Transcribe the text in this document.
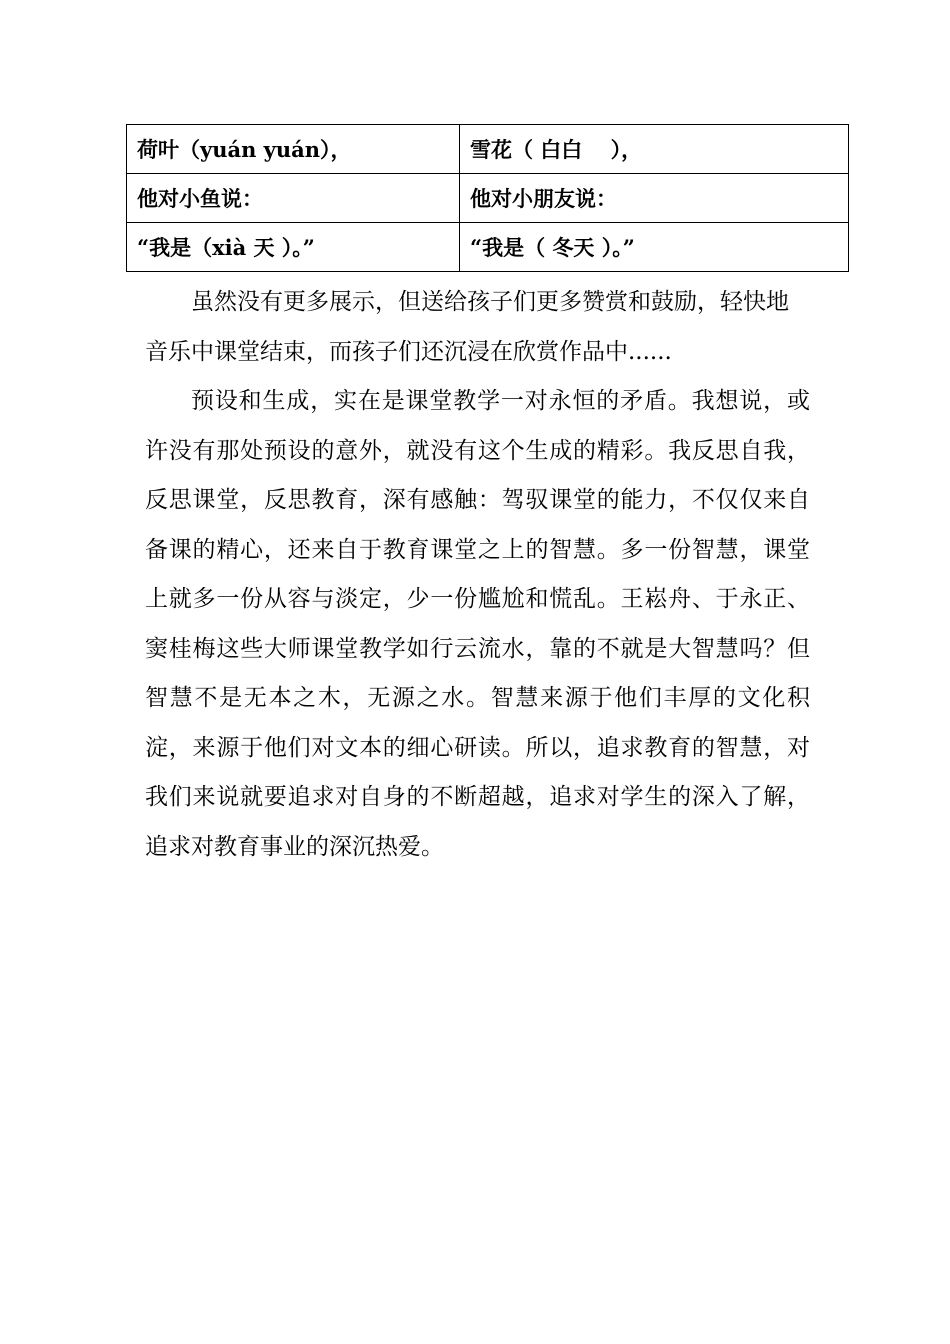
荷叶（yuán yuán），	雪花（ 白白 　），
他对小鱼说：	他对小朋友说：
“我是（xià 天 ）。”	“我是（ 冬天 ）。”

虽然没有更多展示，但送给孩子们更多赞赏和鼓励，轻快地音乐中课堂结束，而孩子们还沉浸在欣赏作品中......

预设和生成，实在是课堂教学一对永恒的矛盾。我想说，或许没有那处预设的意外，就没有这个生成的精彩。我反思自我，反思课堂，反思教育，深有感触：驾驭课堂的能力，不仅仅来自备课的精心，还来自于教育课堂之上的智慧。多一份智慧，课堂上就多一份从容与淡定，少一份尴尬和慌乱。王崧舟、于永正、窦桂梅这些大师课堂教学如行云流水，靠的不就是大智慧吗？但智慧不是无本之木，无源之水。智慧来源于他们丰厚的文化积淀，来源于他们对文本的细心研读。所以，追求教育的智慧，对我们来说就要追求对自身的不断超越，追求对学生的深入了解，追求对教育事业的深沉热爱。
